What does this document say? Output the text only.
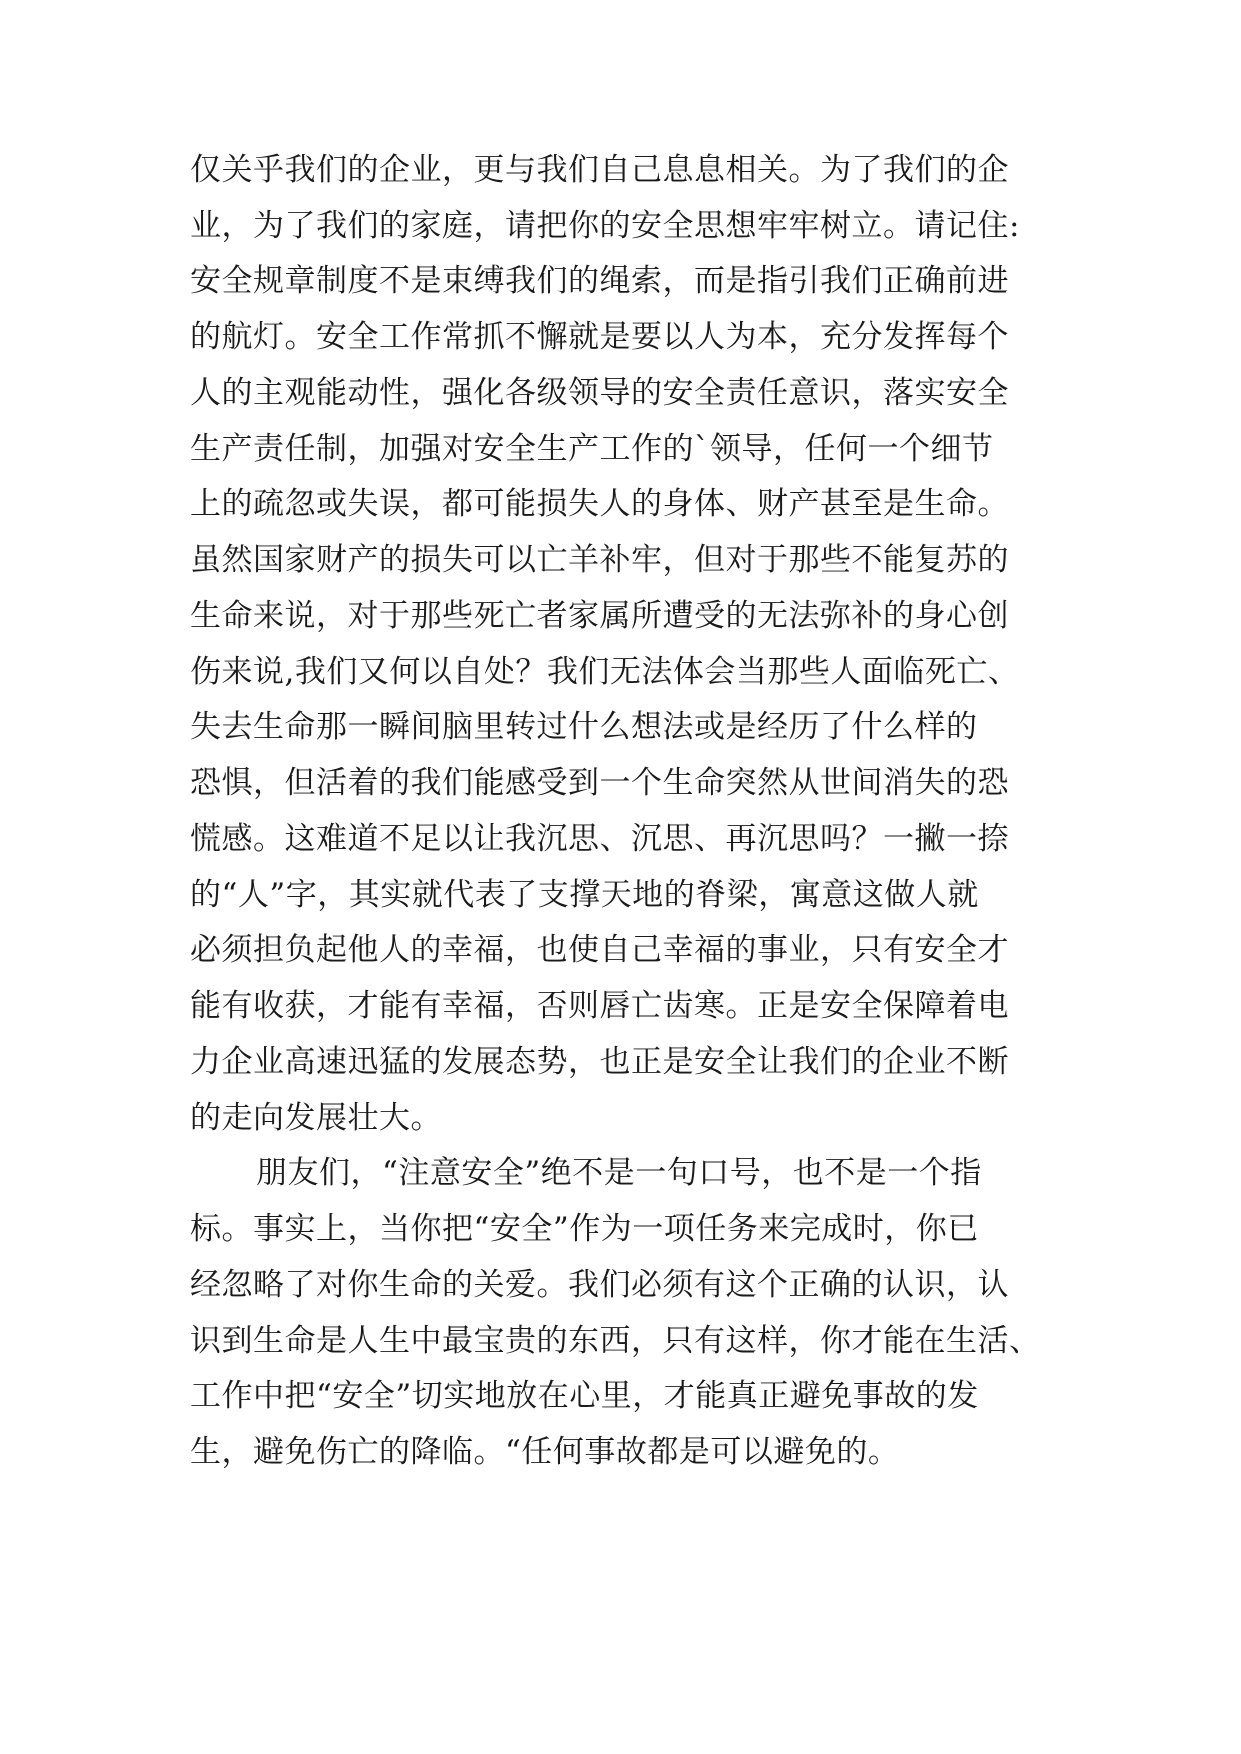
仅关乎我们的企业，更与我们自己息息相关。为了我们的企
业，为了我们的家庭，请把你的安全思想牢牢树立。请记住:
安全规章制度不是束缚我们的绳索，而是指引我们正确前进
的航灯。安全工作常抓不懈就是要以人为本，充分发挥每个
人的主观能动性，强化各级领导的安全责任意识，落实安全
生产责任制，加强对安全生产工作的`领导，任何一个细节
上的疏忽或失误，都可能损失人的身体、财产甚至是生命。
虽然国家财产的损失可以亡羊补牢，但对于那些不能复苏的
生命来说，对于那些死亡者家属所遭受的无法弥补的身心创
伤来说,我们又何以自处？我们无法体会当那些人面临死亡、
失去生命那一瞬间脑里转过什么想法或是经历了什么样的
恐惧，但活着的我们能感受到一个生命突然从世间消失的恐
慌感。这难道不足以让我沉思、沉思、再沉思吗？一撇一捺
的“人”字，其实就代表了支撑天地的脊梁，寓意这做人就
必须担负起他人的幸福，也使自己幸福的事业，只有安全才
能有收获，才能有幸福，否则唇亡齿寒。正是安全保障着电
力企业高速迅猛的发展态势，也正是安全让我们的企业不断
的走向发展壮大。
朋友们，“注意安全”绝不是一句口号，也不是一个指
标。事实上，当你把“安全”作为一项任务来完成时，你已
经忽略了对你生命的关爱。我们必须有这个正确的认识，认
识到生命是人生中最宝贵的东西，只有这样，你才能在生活、
工作中把“安全”切实地放在心里，才能真正避免事故的发
生，避免伤亡的降临。“任何事故都是可以避免的。
